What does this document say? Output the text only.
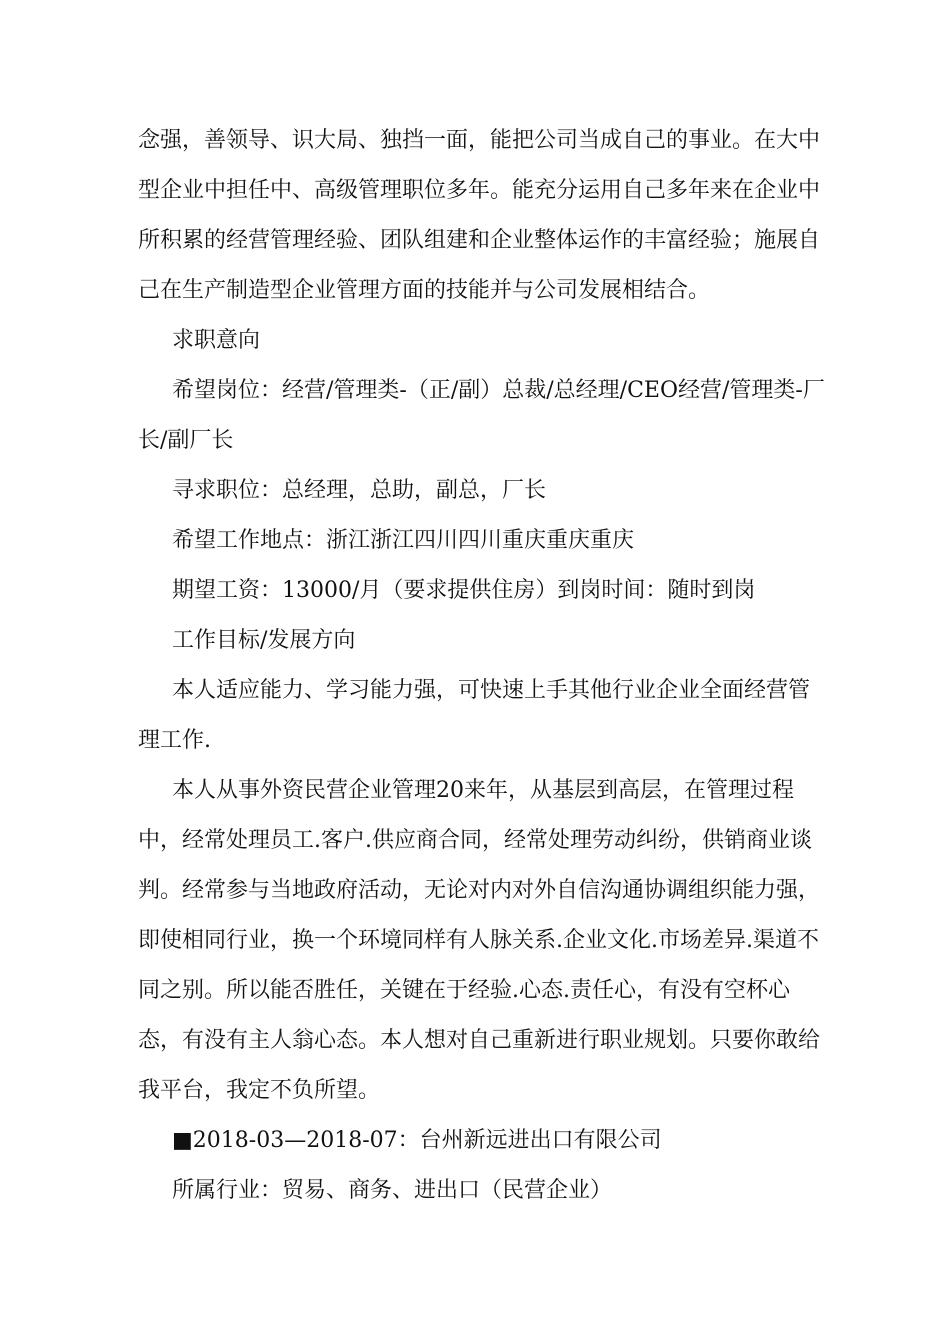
念强，善领导、识大局、独挡一面，能把公司当成自己的事业。在大中型企业中担任中、高级管理职位多年。能充分运用自己多年来在企业中所积累的经营管理经验、团队组建和企业整体运作的丰富经验；施展自己在生产制造型企业管理方面的技能并与公司发展相结合。

求职意向

希望岗位：经营/管理类-（正/副）总裁/总经理/CEO经营/管理类-厂长/副厂长

寻求职位：总经理，总助，副总，厂长

希望工作地点：浙江浙江四川四川重庆重庆重庆

期望工资：13000/月（要求提供住房）到岗时间：随时到岗

工作目标/发展方向

本人适应能力、学习能力强，可快速上手其他行业企业全面经营管理工作.

本人从事外资民营企业管理20来年，从基层到高层，在管理过程中，经常处理员工.客户.供应商合同，经常处理劳动纠纷，供销商业谈判。经常参与当地政府活动，无论对内对外自信沟通协调组织能力强，即使相同行业，换一个环境同样有人脉关系.企业文化.市场差异.渠道不同之别。所以能否胜任，关键在于经验.心态.责任心，有没有空杯心态，有没有主人翁心态。本人想对自己重新进行职业规划。只要你敢给我平台，我定不负所望。

■2018-03—2018-07：台州新远进出口有限公司

所属行业：贸易、商务、进出口（民营企业）
